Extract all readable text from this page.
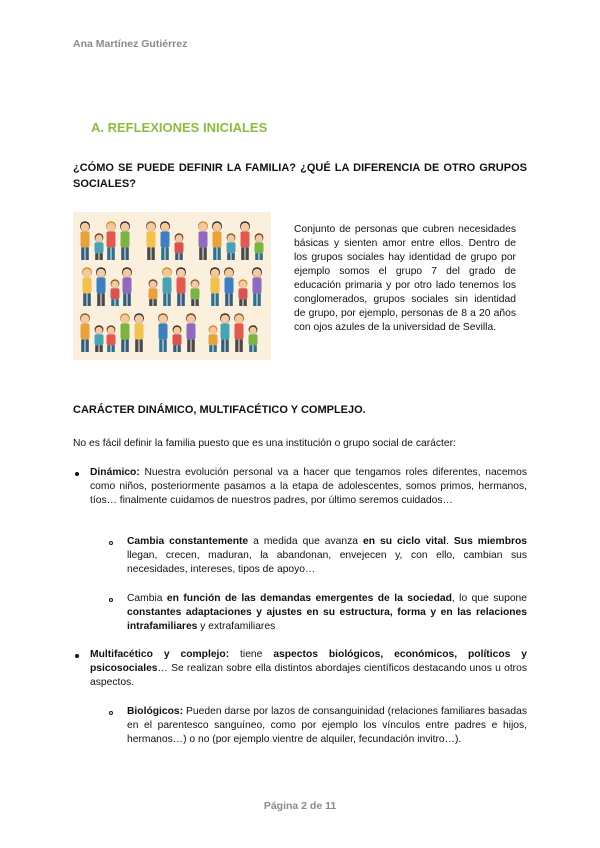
Ana Martínez Gutiérrez
A. REFLEXIONES INICIALES
¿CÓMO SE PUEDE DEFINIR LA FAMILIA? ¿QUÉ LA DIFERENCIA DE OTRO GRUPOS SOCIALES?
Conjunto de personas que cubren necesidades básicas y sienten amor entre ellos. Dentro de los grupos sociales hay identidad de grupo por ejemplo somos el grupo 7 del grado de educación primaria y por otro lado tenemos los conglomerados, grupos sociales sin identidad de grupo, por ejemplo, personas de 8 a 20 años con ojos azules de la universidad de Sevilla.
CARÁCTER DINÁMICO, MULTIFACÉTICO Y COMPLEJO.
No es fácil definir la familia puesto que es una institución o grupo social de carácter:
Dinámico: Nuestra evolución personal va a hacer que tengamos roles diferentes, nacemos como niños, posteriormente pasamos a la etapa de adolescentes, somos primos, hermanos, tíos… finalmente cuidamos de nuestros padres, por último seremos cuidados…
Cambia constantemente a medida que avanza en su ciclo vital. Sus miembros llegan, crecen, maduran, la abandonan, envejecen y, con ello, cambian sus necesidades, intereses, tipos de apoyo…
Cambia en función de las demandas emergentes de la sociedad, lo que supone constantes adaptaciones y ajustes en su estructura, forma y en las relaciones intrafamiliares y extrafamiliares
Multifacético y complejo: tiene aspectos biológicos, económicos, políticos y psicosociales… Se realizan sobre ella distintos abordajes científicos destacando unos u otros aspectos.
Biológicos: Pueden darse por lazos de consanguinidad (relaciones familiares basadas en el parentesco sanguíneo, como por ejemplo los vínculos entre padres e hijos, hermanos…) o no (por ejemplo vientre de alquiler, fecundación invitro…).
Página 2 de 11
